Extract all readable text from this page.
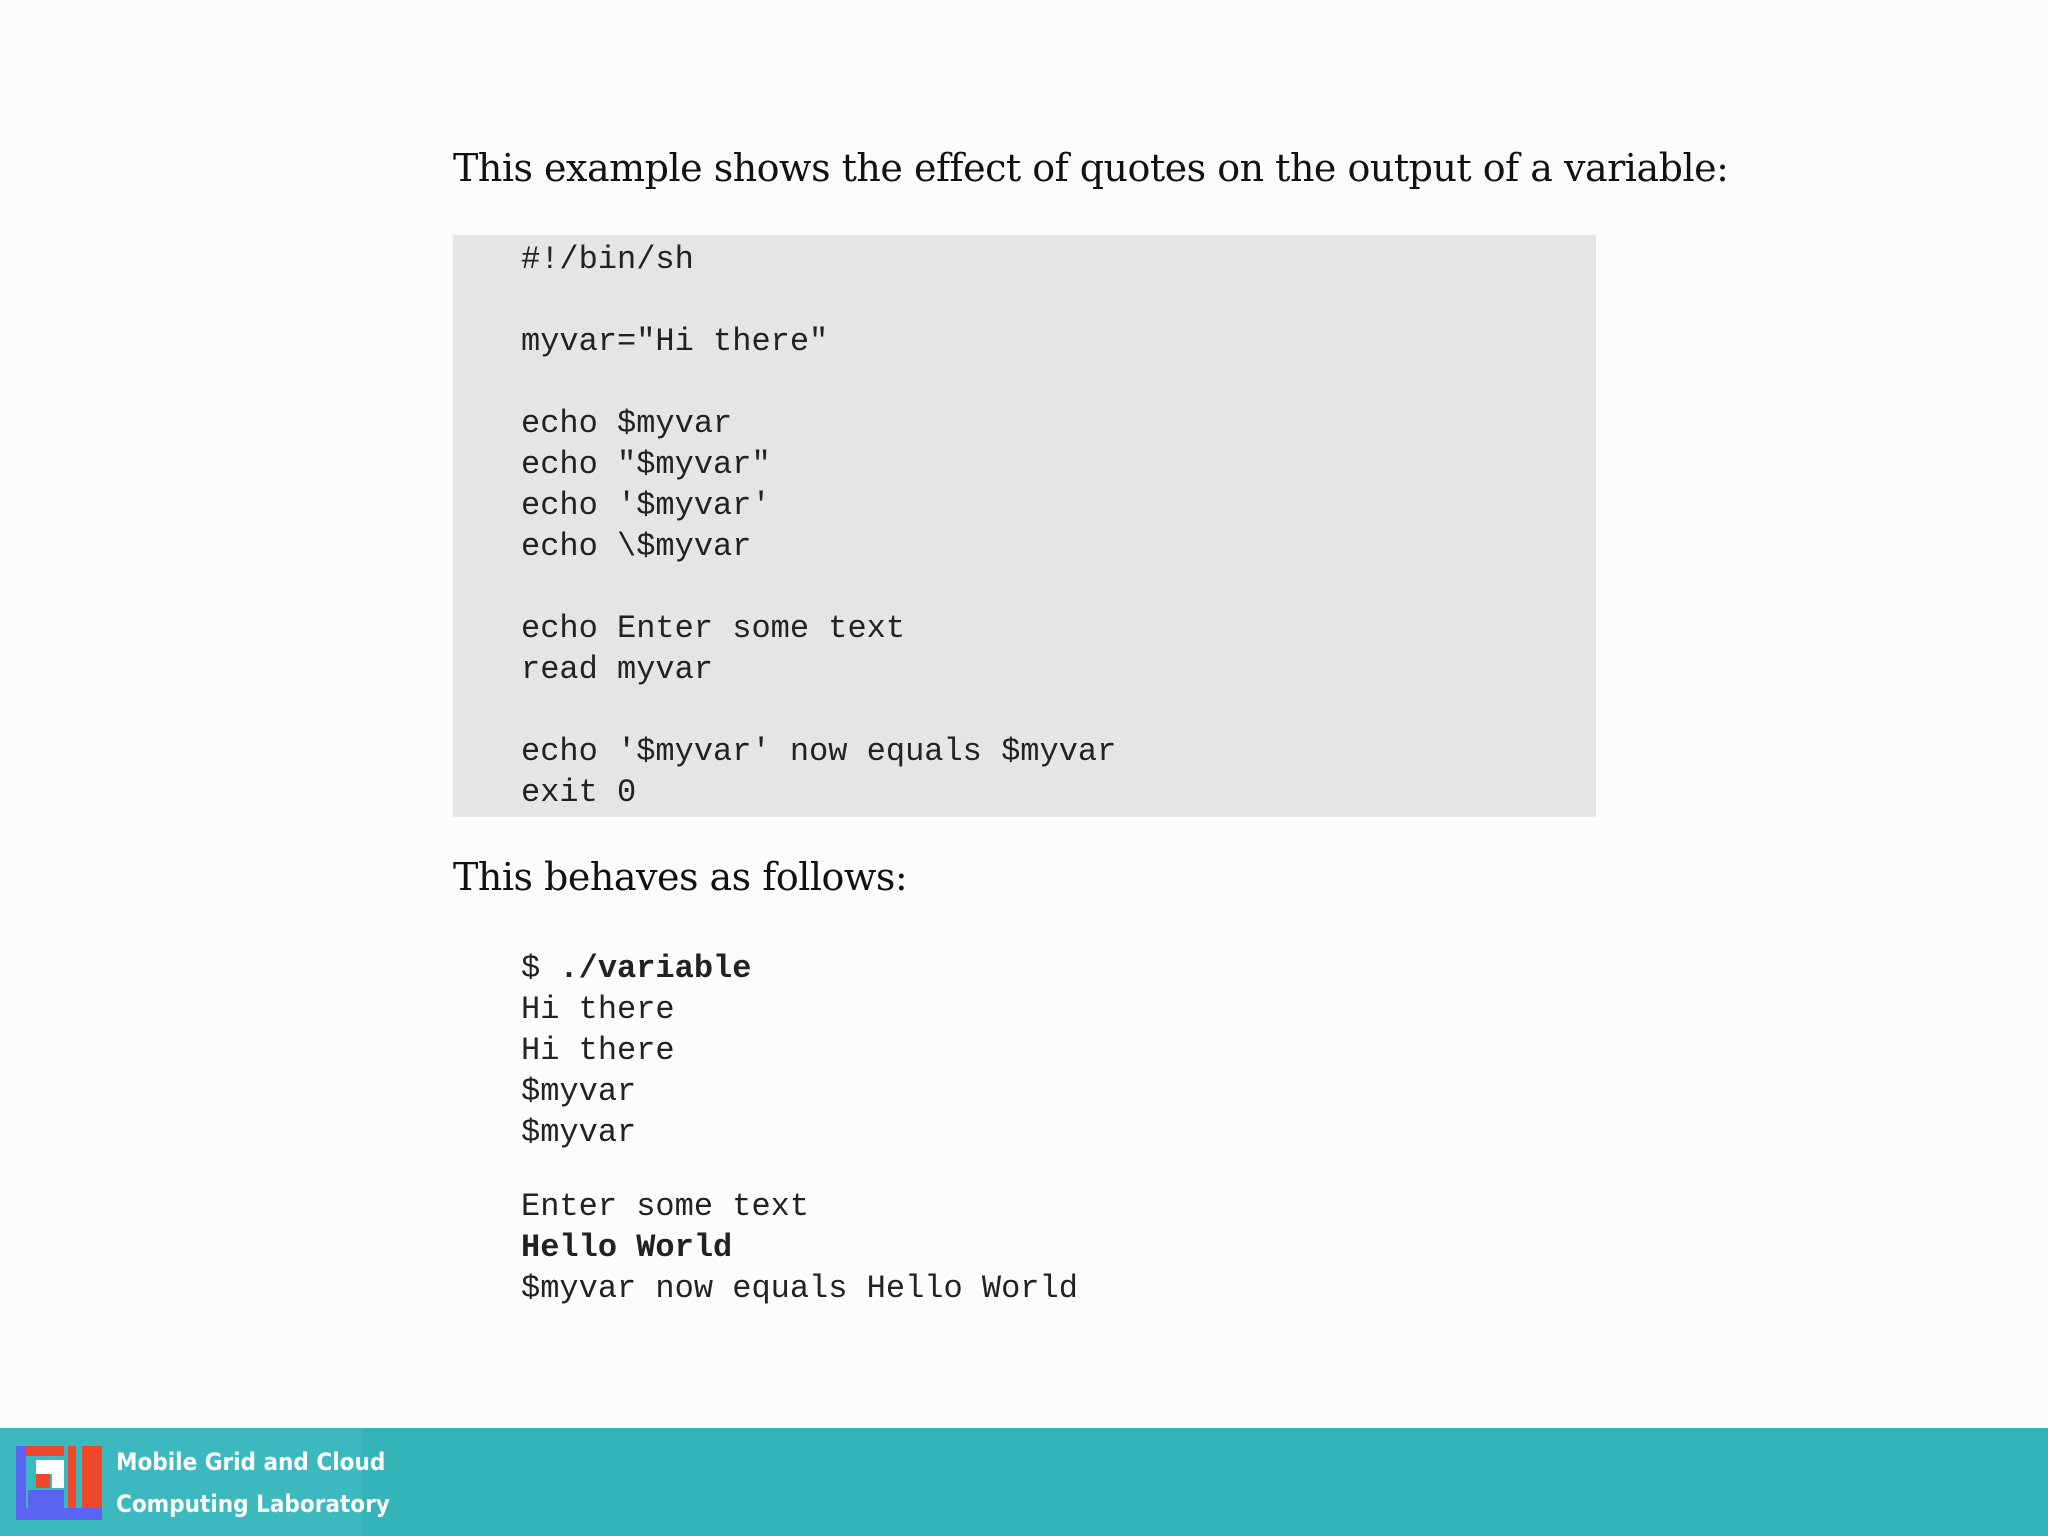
This example shows the effect of quotes on the output of a variable:
#!/bin/sh
myvar="Hi there"
echo $myvar
echo "$myvar"
echo '$myvar'
echo \$myvar
echo Enter some text
read myvar
echo '$myvar' now equals $myvar
exit 0
This behaves as follows:
$ ./variable
Hi there
Hi there
$myvar
$myvar
Enter some text
Hello World
$myvar now equals Hello World
Mobile Grid and Cloud
Computing Laboratory
